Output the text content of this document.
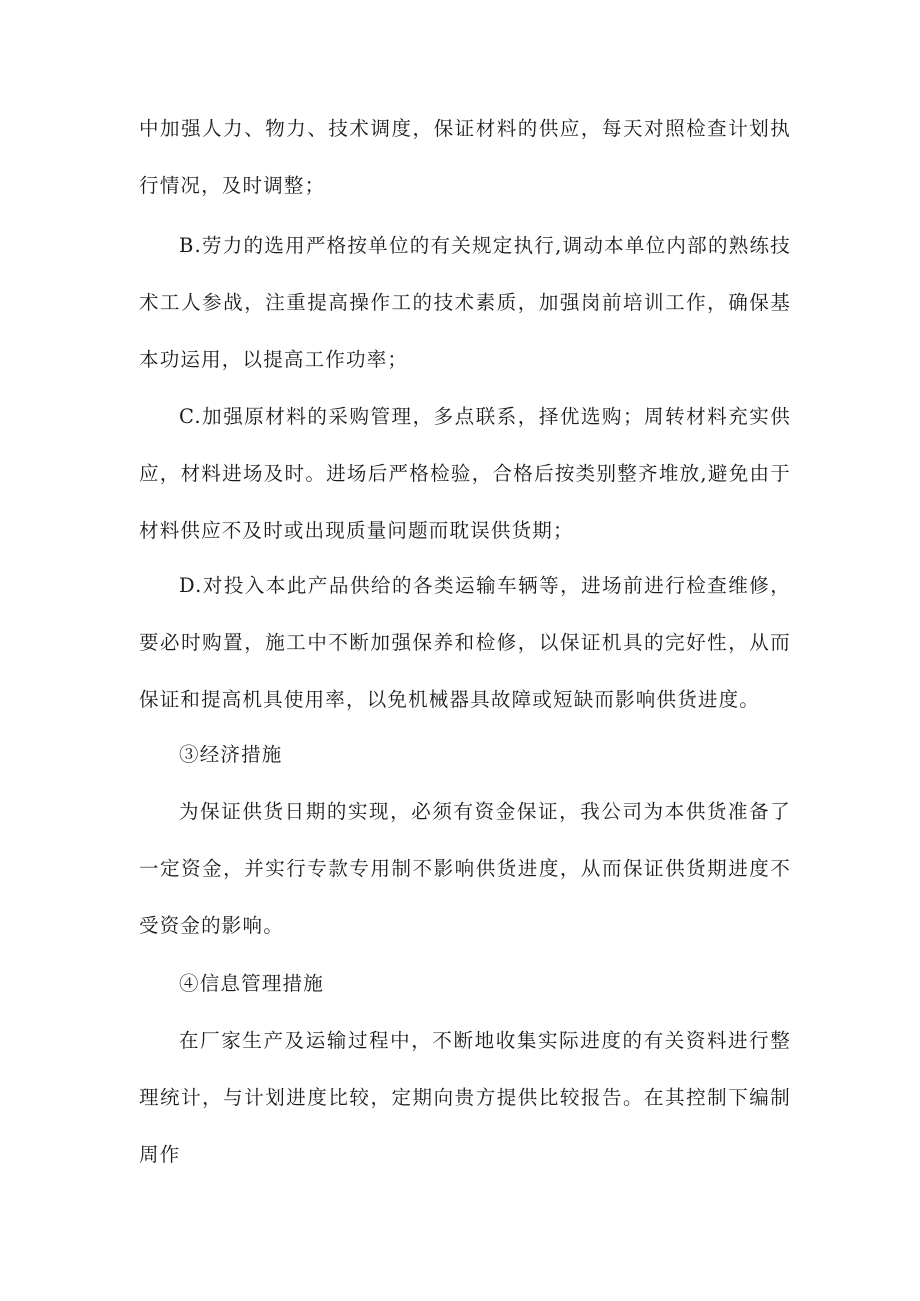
中加强人力、物力、技术调度，保证材料的供应，每天对照检查计划执行情况，及时调整；

B.劳力的选用严格按单位的有关规定执行,调动本单位内部的熟练技术工人参战，注重提高操作工的技术素质，加强岗前培训工作，确保基本功运用，以提高工作功率；

C.加强原材料的采购管理，多点联系，择优选购；周转材料充实供应，材料进场及时。进场后严格检验，合格后按类别整齐堆放,避免由于材料供应不及时或出现质量问题而耽误供货期；

D.对投入本此产品供给的各类运输车辆等，进场前进行检查维修，要必时购置，施工中不断加强保养和检修，以保证机具的完好性，从而保证和提高机具使用率，以免机械器具故障或短缺而影响供货进度。

③经济措施

为保证供货日期的实现，必须有资金保证，我公司为本供货准备了一定资金，并实行专款专用制不影响供货进度，从而保证供货期进度不受资金的影响。

④信息管理措施

在厂家生产及运输过程中，不断地收集实际进度的有关资料进行整理统计，与计划进度比较，定期向贵方提供比较报告。在其控制下编制周作
